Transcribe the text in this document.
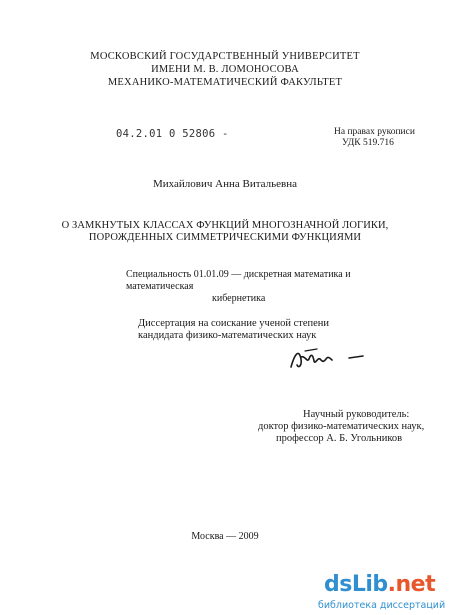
МОСКОВСКИЙ ГОСУДАРСТВЕННЫЙ УНИВЕРСИТЕТ
ИМЕНИ М. В. ЛОМОНОСОВА
МЕХАНИКО-МАТЕМАТИЧЕСКИЙ ФАКУЛЬТЕТ
04.2.01 0 52806 -	На правах рукописи
УДК 519.716
Михайлович Анна Витальевна
О ЗАМКНУТЫХ КЛАССАХ ФУНКЦИЙ МНОГОЗНАЧНОЙ ЛОГИКИ,
ПОРОЖДЕННЫХ СИММЕТРИЧЕСКИМИ ФУНКЦИЯМИ
Специальность 01.01.09 — дискретная математика и математическая
кибернетика
Диссертация на соискание ученой степени
кандидата физико-математических наук
Научный руководитель:
доктор физико-математических наук,
профессор А. Б. Угольников
Москва — 2009
dsLib.net
библиотека диссертаций
